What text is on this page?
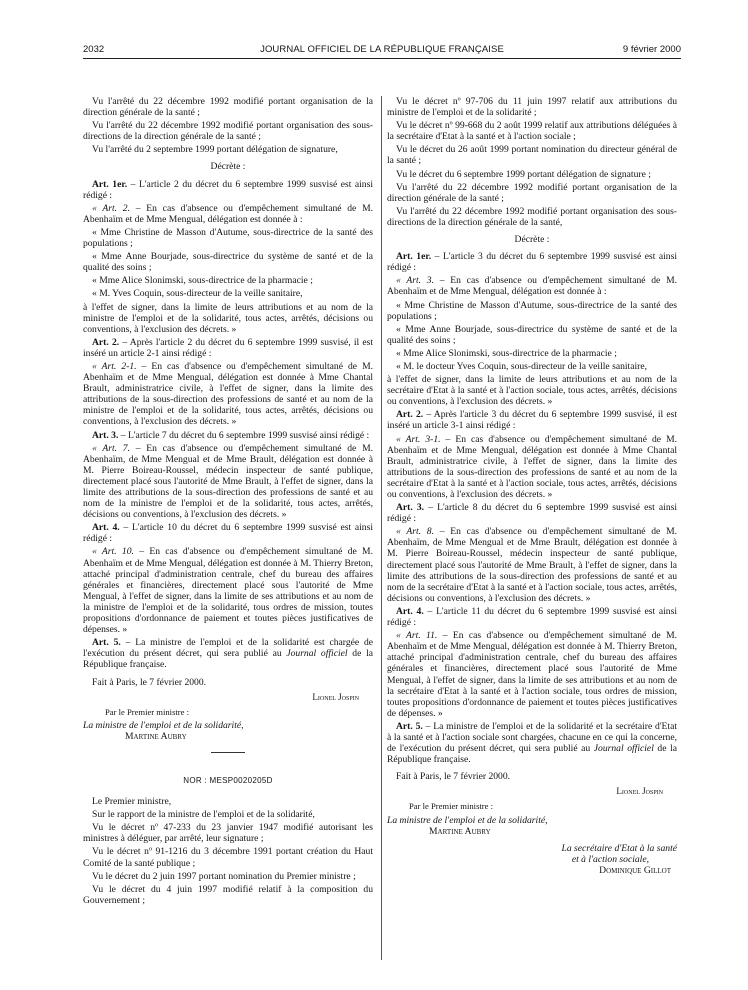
2032	JOURNAL OFFICIEL DE LA RÉPUBLIQUE FRANÇAISE	9 février 2000

Vu l'arrêté du 22 décembre 1992 modifié portant organisation de la direction générale de la santé ;

Vu l'arrêté du 22 décembre 1992 modifié portant organisation des sous-directions de la direction générale de la santé ;

Vu l'arrêté du 2 septembre 1999 portant délégation de signature,

Décrète :

Art. 1er. – L'article 2 du décret du 6 septembre 1999 susvisé est ainsi rédigé :

« Art. 2. – En cas d'absence ou d'empêchement simultané de M. Abenhaïm et de Mme Mengual, délégation est donnée à :

« Mme Christine de Masson d'Autume, sous-directrice de la santé des populations ;

« Mme Anne Bourjade, sous-directrice du système de santé et de la qualité des soins ;

« Mme Alice Slonimski, sous-directrice de la pharmacie ;

« M. Yves Coquin, sous-directeur de la veille sanitaire,

à l'effet de signer, dans la limite de leurs attributions et au nom de la ministre de l'emploi et de la solidarité, tous actes, arrêtés, décisions ou conventions, à l'exclusion des décrets. »

Art. 2. – Après l'article 2 du décret du 6 septembre 1999 susvisé, il est inséré un article 2-1 ainsi rédigé :

« Art. 2-1. – En cas d'absence ou d'empêchement simultané de M. Abenhaïm et de Mme Mengual, délégation est donnée à Mme Chantal Brault, administratrice civile, à l'effet de signer, dans la limite des attributions de la sous-direction des professions de santé et au nom de la ministre de l'emploi et de la solidarité, tous actes, arrêtés, décisions ou conventions, à l'exclusion des décrets. »

Art. 3. – L'article 7 du décret du 6 septembre 1999 susvisé ainsi rédigé :

« Art. 7. – En cas d'absence ou d'empêchement simultané de M. Abenhaïm, de Mme Mengual et de Mme Brault, délégation est donnée à M. Pierre Boireau-Roussel, médecin inspecteur de santé publique, directement placé sous l'autorité de Mme Brault, à l'effet de signer, dans la limite des attributions de la sous-direction des professions de santé et au nom de la ministre de l'emploi et de la solidarité, tous actes, arrêtés, décisions ou conventions, à l'exclusion des décrets. »

Art. 4. – L'article 10 du décret du 6 septembre 1999 susvisé est ainsi rédigé :

« Art. 10. – En cas d'absence ou d'empêchement simultané de M. Abenhaïm et de Mme Mengual, délégation est donnée à M. Thierry Breton, attaché principal d'administration centrale, chef du bureau des affaires générales et financières, directement placé sous l'autorité de Mme Mengual, à l'effet de signer, dans la limite de ses attributions et au nom de la ministre de l'emploi et de la solidarité, tous ordres de mission, toutes propositions d'ordonnance de paiement et toutes pièces justificatives de dépenses. »

Art. 5. – La ministre de l'emploi et de la solidarité est chargée de l'exécution du présent décret, qui sera publié au Journal officiel de la République française.

Fait à Paris, le 7 février 2000.

Lionel Jospin

Par le Premier ministre :

La ministre de l'emploi et de la solidarité,

Martine Aubry

NOR : MESP0020205D

Le Premier ministre,

Sur le rapport de la ministre de l'emploi et de la solidarité,

Vu le décret nº 47-233 du 23 janvier 1947 modifié autorisant les ministres à déléguer, par arrêté, leur signature ;

Vu le décret nº 91-1216 du 3 décembre 1991 portant création du Haut Comité de la santé publique ;

Vu le décret du 2 juin 1997 portant nomination du Premier ministre ;

Vu le décret du 4 juin 1997 modifié relatif à la composition du Gouvernement ;

Vu le décret nº 97-706 du 11 juin 1997 relatif aux attributions du ministre de l'emploi et de la solidarité ;

Vu le décret nº 99-668 du 2 août 1999 relatif aux attributions déléguées à la secrétaire d'Etat à la santé et à l'action sociale ;

Vu le décret du 26 août 1999 portant nomination du directeur général de la santé ;

Vu le décret du 6 septembre 1999 portant délégation de signature ;

Vu l'arrêté du 22 décembre 1992 modifié portant organisation de la direction générale de la santé ;

Vu l'arrêté du 22 décembre 1992 modifié portant organisation des sous-directions de la direction générale de la santé,

Décrète :

Art. 1er. – L'article 3 du décret du 6 septembre 1999 susvisé est ainsi rédigé :

« Art. 3. – En cas d'absence ou d'empêchement simultané de M. Abenhaïm et de Mme Mengual, délégation est donnée à :

« Mme Christine de Masson d'Autume, sous-directrice de la santé des populations ;

« Mme Anne Bourjade, sous-directrice du système de santé et de la qualité des soins ;

« Mme Alice Slonimski, sous-directrice de la pharmacie ;

« M. le docteur Yves Coquin, sous-directeur de la veille sanitaire,

à l'effet de signer, dans la limite de leurs attributions et au nom de la secrétaire d'Etat à la santé et à l'action sociale, tous actes, arrêtés, décisions ou conventions, à l'exclusion des décrets. »

Art. 2. – Après l'article 3 du décret du 6 septembre 1999 susvisé, il est inséré un article 3-1 ainsi rédigé :

« Art. 3-1. – En cas d'absence ou d'empêchement simultané de M. Abenhaïm et de Mme Mengual, délégation est donnée à Mme Chantal Brault, administratrice civile, à l'effet de signer, dans la limite des attributions de la sous-direction des professions de santé et au nom de la secrétaire d'Etat à la santé et à l'action sociale, tous actes, arrêtés, décisions ou conventions, à l'exclusion des décrets. »

Art. 3. – L'article 8 du décret du 6 septembre 1999 susvisé est ainsi rédigé :

« Art. 8. – En cas d'absence ou d'empêchement simultané de M. Abenhaïm, de Mme Mengual et de Mme Brault, délégation est donnée à M. Pierre Boireau-Roussel, médecin inspecteur de santé publique, directement placé sous l'autorité de Mme Brault, à l'effet de signer, dans la limite des attributions de la sous-direction des professions de santé et au nom de la secrétaire d'Etat à la santé et à l'action sociale, tous actes, arrêtés, décisions ou conventions, à l'exclusion des décrets. »

Art. 4. – L'article 11 du décret du 6 septembre 1999 susvisé est ainsi rédigé :

« Art. 11. – En cas d'absence ou d'empêchement simultané de M. Abenhaïm et de Mme Mengual, délégation est donnée à M. Thierry Breton, attaché principal d'administration centrale, chef du bureau des affaires générales et financières, directement placé sous l'autorité de Mme Mengual, à l'effet de signer, dans la limite de ses attributions et au nom de la secrétaire d'Etat à la santé et à l'action sociale, tous ordres de mission, toutes propositions d'ordonnance de paiement et toutes pièces justificatives de dépenses. »

Art. 5. – La ministre de l'emploi et de la solidarité et la secrétaire d'Etat à la santé et à l'action sociale sont chargées, chacune en ce qui la concerne, de l'exécution du présent décret, qui sera publié au Journal officiel de la République française.

Fait à Paris, le 7 février 2000.

Lionel Jospin

Par le Premier ministre :

La ministre de l'emploi et de la solidarité,

Martine Aubry

La secrétaire d'Etat à la santé

et à l'action sociale,

Dominique Gillot
